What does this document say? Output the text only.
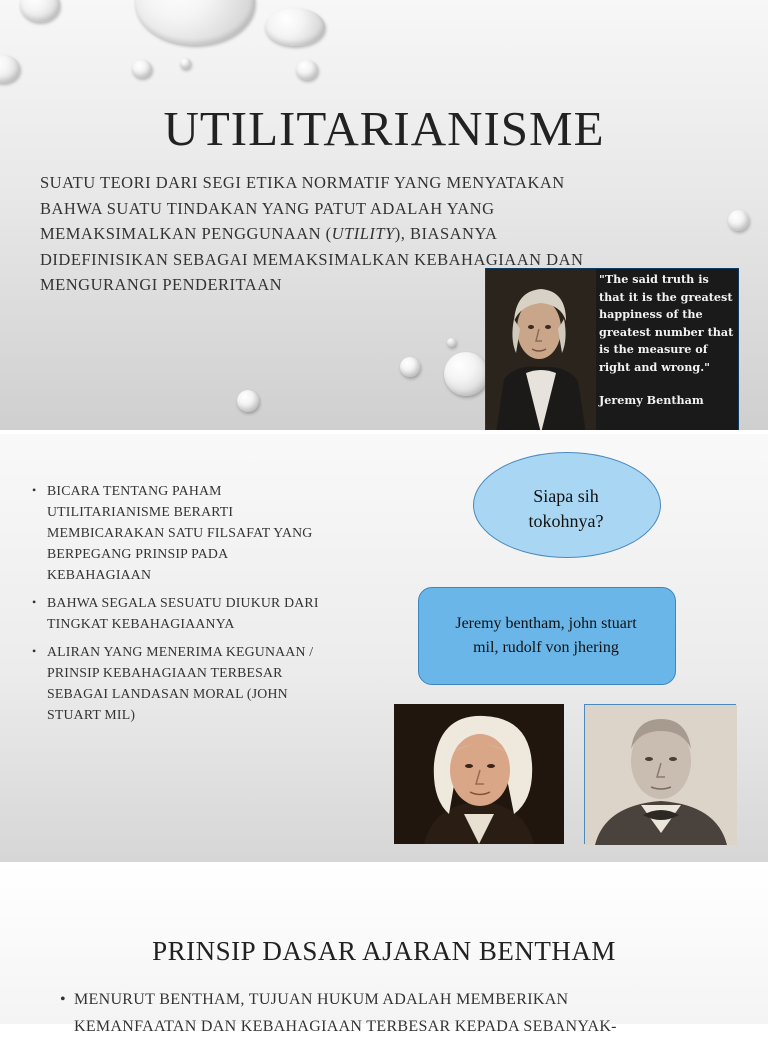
UTILITARIANISME

SUATU TEORI DARI SEGI ETIKA NORMATIF YANG MENYATAKAN BAHWA SUATU TINDAKAN YANG PATUT ADALAH YANG MEMAKSIMALKAN PENGGUNAAN (UTILITY), BIASANYA DIDEFINISIKAN SEBAGAI MEMAKSIMALKAN KEBAHAGIAAN DAN MENGURANGI PENDERITAAN	"The said truth is
that it is the greatest
happiness of the
greatest number that
is the measure of
right and wrong."
Jeremy Bentham
• BICARA TENTANG PAHAM UTILITARIANISME BERARTI MEMBICARAKAN SATU FILSAFAT YANG BERPEGANG PRINSIP PADA KEBAHAGIAAN
• BAHWA SEGALA SESUATU DIUKUR DARI TINGKAT KEBAHAGIAANYA
• ALIRAN YANG MENERIMA KEGUNAAN / PRINSIP KEBAHAGIAAN TERBESAR SEBAGAI LANDASAN MORAL (JOHN STUART MIL)
Siapa sih
tokohnya?
Jeremy bentham, john stuart
mil, rudolf von jhering
PRINSIP DASAR AJARAN BENTHAM
• MENURUT BENTHAM, TUJUAN HUKUM ADALAH MEMBERIKAN
KEMANFAATAN DAN KEBAHAGIAAN TERBESAR KEPADA SEBANYAK-
